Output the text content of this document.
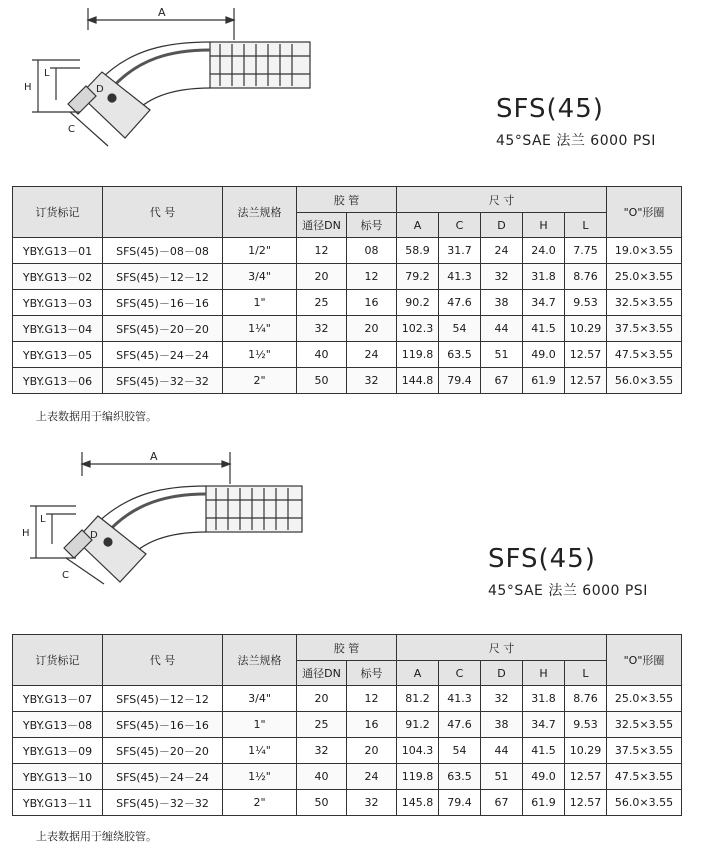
A
L
H	D
C
SFS(45)
45°SAE 法兰 6000 PSI
订货标记	代 号	法兰规格	胶 管		尺 寸					"O"形圈
			通径DN	标号	A	C	D	H	L	
YBY.G13－01	SFS(45)－08－08	1/2"	12	08	58.9	31.7	24	24.0	7.75	19.0×3.55
YBY.G13－02	SFS(45)－12－12	3/4"	20	12	79.2	41.3	32	31.8	8.76	25.0×3.55
YBY.G13－03	SFS(45)－16－16	1"	25	16	90.2	47.6	38	34.7	9.53	32.5×3.55
YBY.G13－04	SFS(45)－20－20	1¼"	32	20	102.3	54	44	41.5	10.29	37.5×3.55
YBY.G13－05	SFS(45)－24－24	1½"	40	24	119.8	63.5	51	49.0	12.57	47.5×3.55
YBY.G13－06	SFS(45)－32－32	2"	50	32	144.8	79.4	67	61.9	12.57	56.0×3.55
上表数据用于编织胶管。
A
L
H	D
C
SFS(45)
45°SAE 法兰 6000 PSI
订货标记	代 号	法兰规格	胶 管		尺 寸					"O"形圈
			通径DN	标号	A	C	D	H	L	
YBY.G13－07	SFS(45)－12－12	3/4"	20	12	81.2	41.3	32	31.8	8.76	25.0×3.55
YBY.G13－08	SFS(45)－16－16	1"	25	16	91.2	47.6	38	34.7	9.53	32.5×3.55
YBY.G13－09	SFS(45)－20－20	1¼"	32	20	104.3	54	44	41.5	10.29	37.5×3.55
YBY.G13－10	SFS(45)－24－24	1½"	40	24	119.8	63.5	51	49.0	12.57	47.5×3.55
YBY.G13－11	SFS(45)－32－32	2"	50	32	145.8	79.4	67	61.9	12.57	56.0×3.55
上表数据用于缠绕胶管。
